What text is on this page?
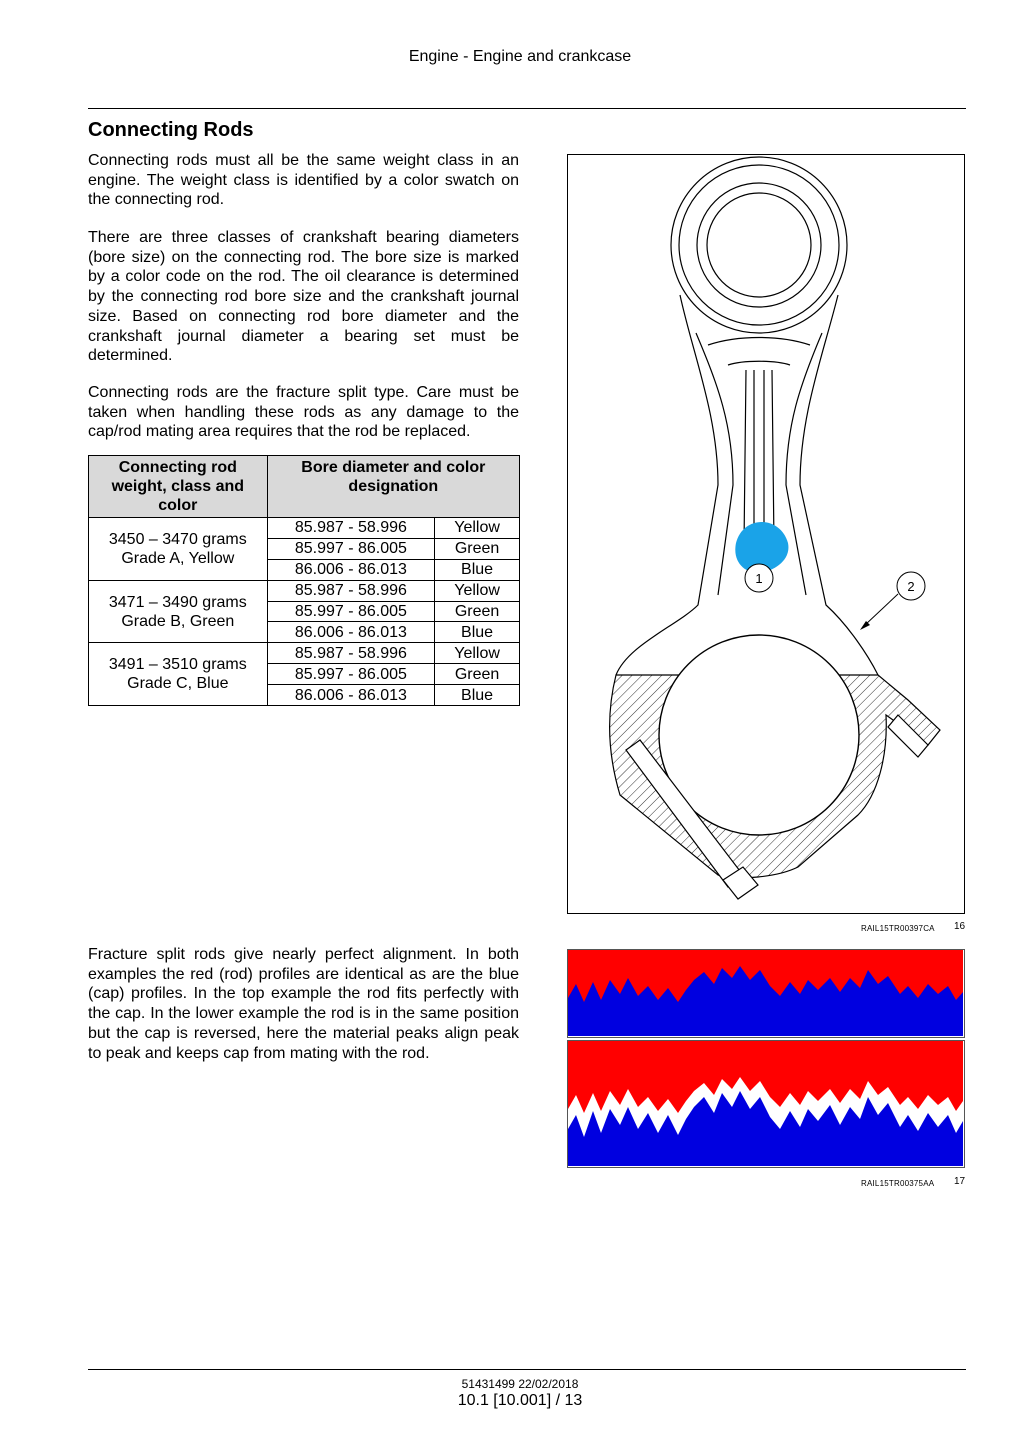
Engine - Engine and crankcase
Connecting Rods

Connecting rods must all be the same weight class in an engine. The weight class is identified by a color swatch on the connecting rod.

There are three classes of crankshaft bearing diameters (bore size) on the connecting rod. The bore size is marked by a color code on the rod. The oil clearance is determined by the connecting rod bore size and the crankshaft journal size. Based on connecting rod bore diameter and the crankshaft journal diameter a bearing set must be determined.

Connecting rods are the fracture split type. Care must be taken when handling these rods as any damage to the cap/rod mating area requires that the rod be replaced.

Connecting rod weight, class and color	Bore diameter and color designation	
3450 – 3470 grams
Grade A, Yellow	85.987 - 58.996	Yellow
	85.997 - 86.005	Green
	86.006 - 86.013	Blue
3471 – 3490 grams
Grade B, Green	85.987 - 58.996	Yellow
	85.997 - 86.005	Green
	86.006 - 86.013	Blue
3491 – 3510 grams
Grade C, Blue	85.987 - 58.996	Yellow
	85.997 - 86.005	Green
	86.006 - 86.013	Blue
1
2
RAIL15TR00397CA 16

Fracture split rods give nearly perfect alignment. In both examples the red (rod) profiles are identical as are the blue (cap) profiles. In the top example the rod fits perfectly with the cap. In the lower example the rod is in the same position but the cap is reversed, here the material peaks align peak to peak and keeps cap from mating with the rod.

RAIL15TR00375AA 17
51431499 22/02/2018
10.1 [10.001] / 13
